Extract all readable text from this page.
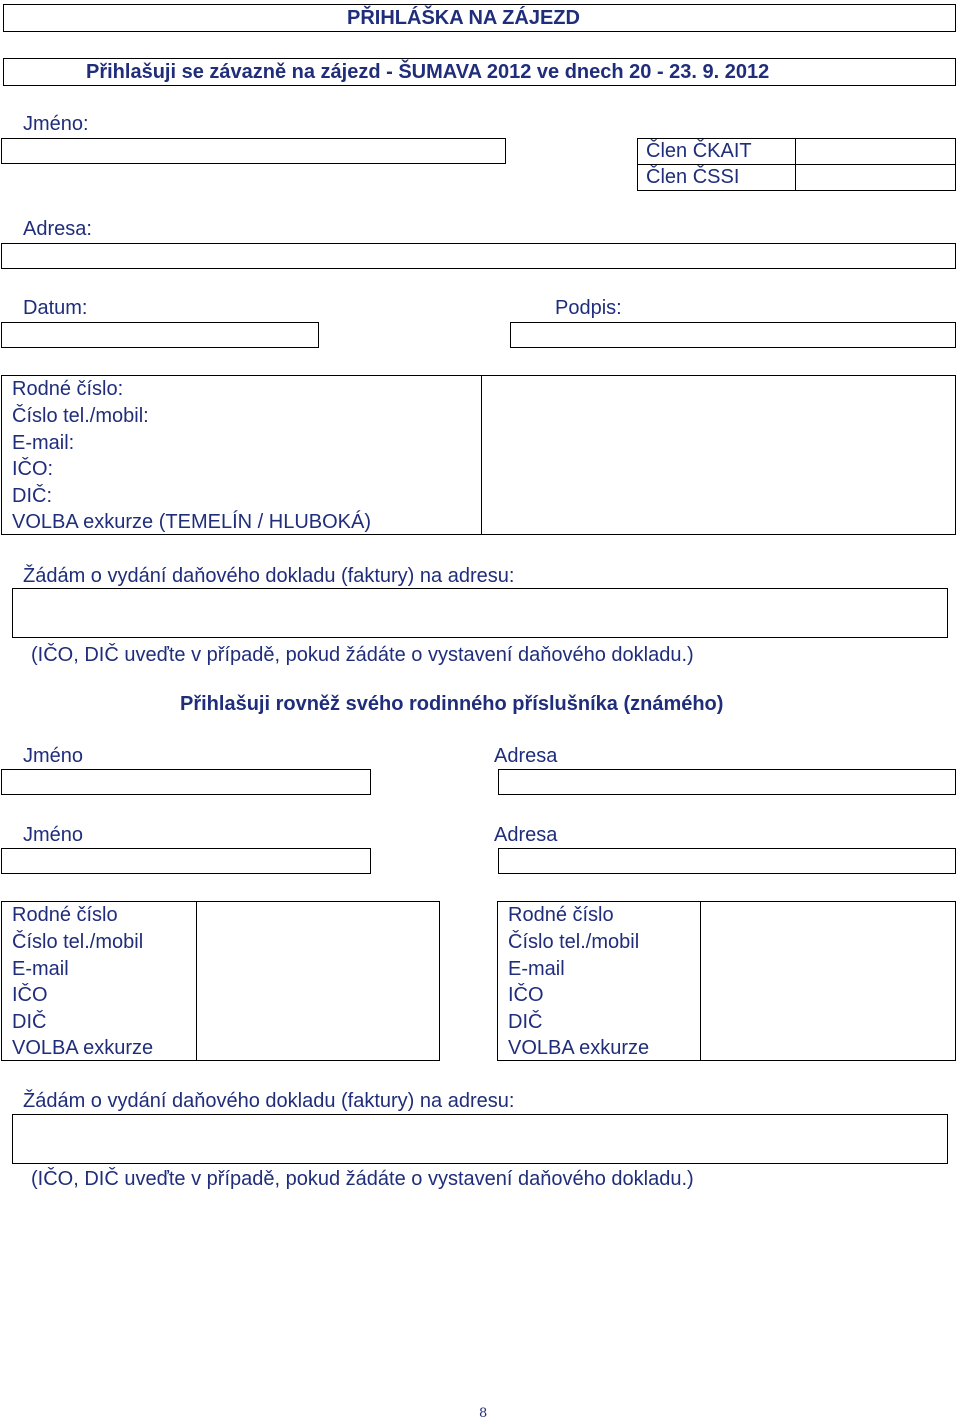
PŘIHLÁŠKA NA ZÁJEZD
Přihlašuji se závazně na zájezd - ŠUMAVA 2012 ve dnech 20 - 23. 9. 2012
Jméno:
Člen ČKAIT
Člen ČSSI
Adresa:
Datum:	Podpis:
Rodné číslo:
Číslo tel./mobil:
E-mail:
IČO:
DIČ:
VOLBA exkurze (TEMELÍN / HLUBOKÁ)
Žádám o vydání daňového dokladu (faktury) na adresu:
(IČO, DIČ uveďte v případě, pokud žádáte o vystavení daňového dokladu.)
Přihlašuji rovněž svého rodinného příslušníka (známého)
Jméno	Adresa
Jméno	Adresa
Rodné číslo
Číslo tel./mobil
E-mail
IČO
DIČ
VOLBA exkurze
Rodné číslo
Číslo tel./mobil
E-mail
IČO
DIČ
VOLBA exkurze
Žádám o vydání daňového dokladu (faktury) na adresu:
(IČO, DIČ uveďte v případě, pokud žádáte o vystavení daňového dokladu.)
8
